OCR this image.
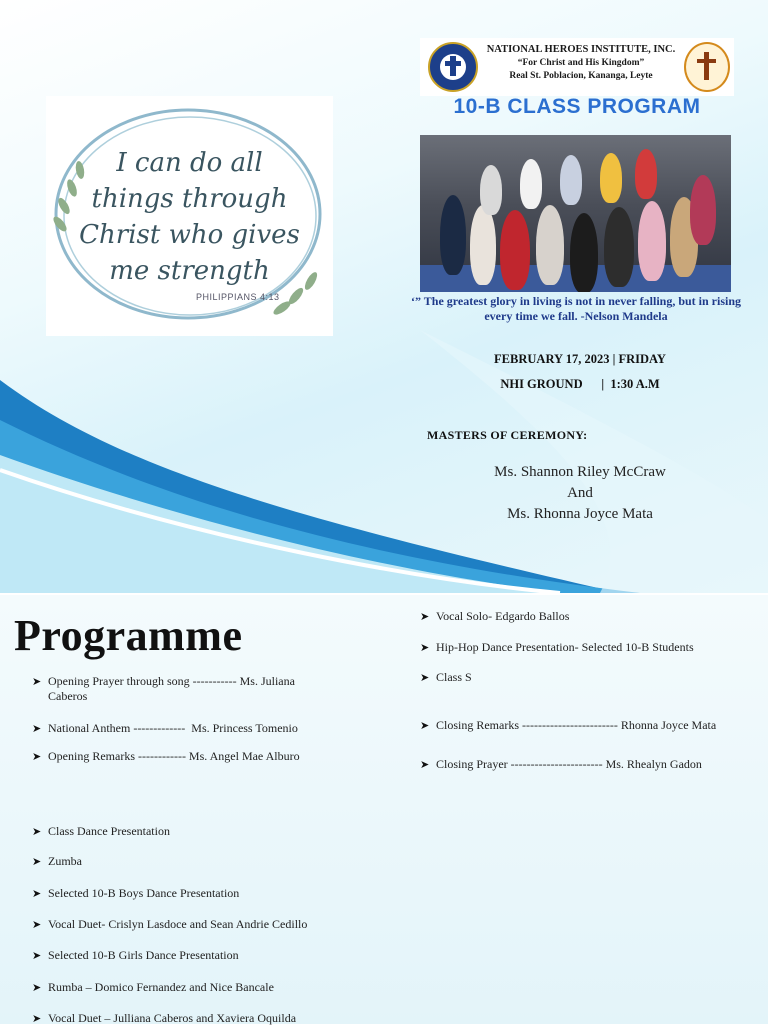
I can do all
things through
Christ who gives
me strength
PHILIPPIANS 4:13
NATIONAL HEROES INSTITUTE, INC.
“For Christ and His Kingdom”
Real St. Poblacion, Kananga, Leyte
10-B CLASS PROGRAM
‘” The greatest glory in living is not in never falling, but in rising every time we fall. -Nelson Mandela
FEBRUARY 17, 2023 | FRIDAY
NHI GROUND      |  1:30 A.M
MASTERS OF CEREMONY:
Ms. Shannon Riley McCraw
And
Ms. Rhonna Joyce Mata
Programme
➤ Opening Prayer through song ----------- Ms. Juliana
Caberos

➤

National Anthem -------------  Ms. Princess Tomenio

➤ Opening Remarks ------------ Ms. Angel Mae Alburo
➤ Class Dance Presentation
➤ Zumba
➤ Selected 10-B Boys Dance Presentation
➤ Vocal Duet- Crislyn Lasdoce and Sean Andrie Cedillo
➤ Selected 10-B Girls Dance Presentation
➤ Rumba – Domico Fernandez and Nice Bancale
➤ Vocal Duet – Julliana Caberos and Xaviera Oquilda
➤ Vocal Solo- Edgardo Ballos
➤ Hip-Hop Dance Presentation- Selected 10-B Students
➤ Class S
➤ Closing Remarks ------------------------ Rhonna Joyce Mata
➤ Closing Prayer ----------------------- Ms. Rhealyn Gadon
